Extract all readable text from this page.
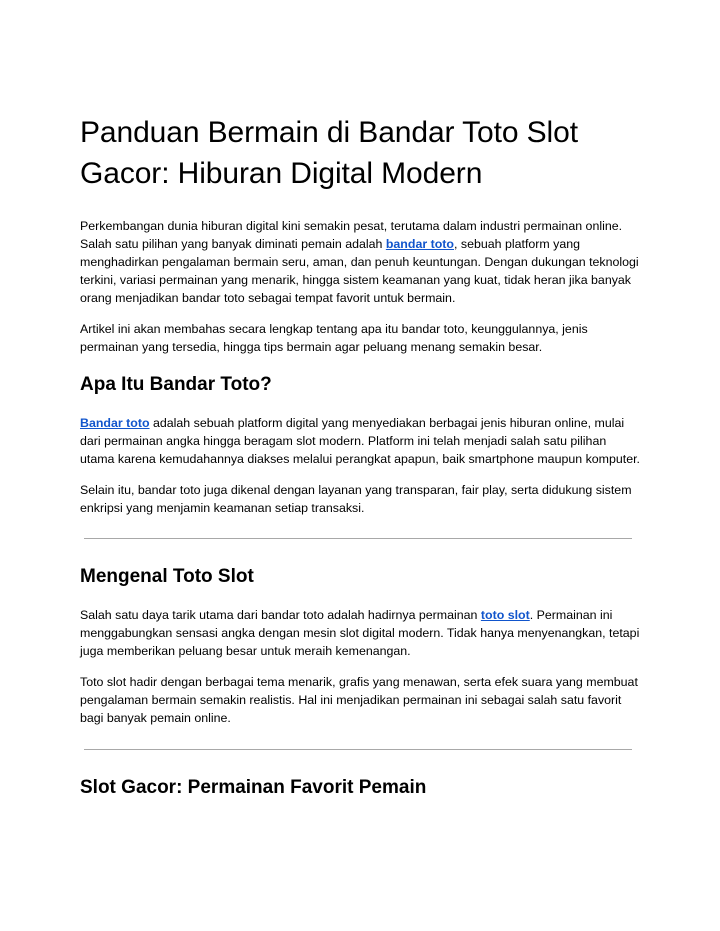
Panduan Bermain di Bandar Toto Slot Gacor: Hiburan Digital Modern

Perkembangan dunia hiburan digital kini semakin pesat, terutama dalam industri permainan online. Salah satu pilihan yang banyak diminati pemain adalah bandar toto, sebuah platform yang menghadirkan pengalaman bermain seru, aman, dan penuh keuntungan. Dengan dukungan teknologi terkini, variasi permainan yang menarik, hingga sistem keamanan yang kuat, tidak heran jika banyak orang menjadikan bandar toto sebagai tempat favorit untuk bermain.

Artikel ini akan membahas secara lengkap tentang apa itu bandar toto, keunggulannya, jenis permainan yang tersedia, hingga tips bermain agar peluang menang semakin besar.

Apa Itu Bandar Toto?

Bandar toto adalah sebuah platform digital yang menyediakan berbagai jenis hiburan online, mulai dari permainan angka hingga beragam slot modern. Platform ini telah menjadi salah satu pilihan utama karena kemudahannya diakses melalui perangkat apapun, baik smartphone maupun komputer.

Selain itu, bandar toto juga dikenal dengan layanan yang transparan, fair play, serta didukung sistem enkripsi yang menjamin keamanan setiap transaksi.

Mengenal Toto Slot

Salah satu daya tarik utama dari bandar toto adalah hadirnya permainan toto slot. Permainan ini menggabungkan sensasi angka dengan mesin slot digital modern. Tidak hanya menyenangkan, tetapi juga memberikan peluang besar untuk meraih kemenangan.

Toto slot hadir dengan berbagai tema menarik, grafis yang menawan, serta efek suara yang membuat pengalaman bermain semakin realistis. Hal ini menjadikan permainan ini sebagai salah satu favorit bagi banyak pemain online.

Slot Gacor: Permainan Favorit Pemain
